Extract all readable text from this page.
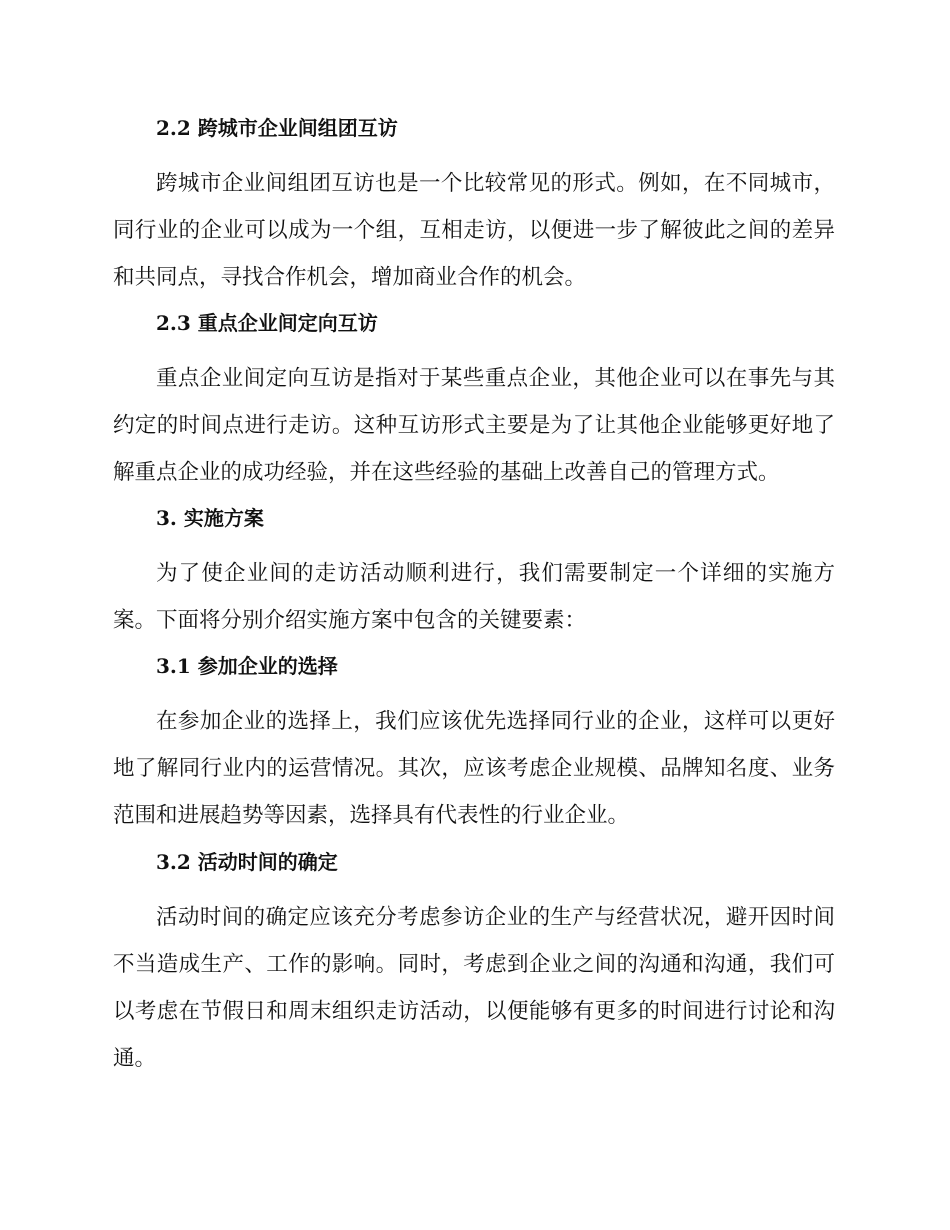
2.2 跨城市企业间组团互访

跨城市企业间组团互访也是一个比较常见的形式。例如，在不同城市，同行业的企业可以成为一个组，互相走访，以便进一步了解彼此之间的差异和共同点，寻找合作机会，增加商业合作的机会。

2.3 重点企业间定向互访

重点企业间定向互访是指对于某些重点企业，其他企业可以在事先与其约定的时间点进行走访。这种互访形式主要是为了让其他企业能够更好地了解重点企业的成功经验，并在这些经验的基础上改善自己的管理方式。

3. 实施方案

为了使企业间的走访活动顺利进行，我们需要制定一个详细的实施方案。下面将分别介绍实施方案中包含的关键要素：

3.1 参加企业的选择

在参加企业的选择上，我们应该优先选择同行业的企业，这样可以更好地了解同行业内的运营情况。其次，应该考虑企业规模、品牌知名度、业务范围和进展趋势等因素，选择具有代表性的行业企业。

3.2 活动时间的确定

活动时间的确定应该充分考虑参访企业的生产与经营状况，避开因时间不当造成生产、工作的影响。同时，考虑到企业之间的沟通和沟通，我们可以考虑在节假日和周末组织走访活动，以便能够有更多的时间进行讨论和沟通。
